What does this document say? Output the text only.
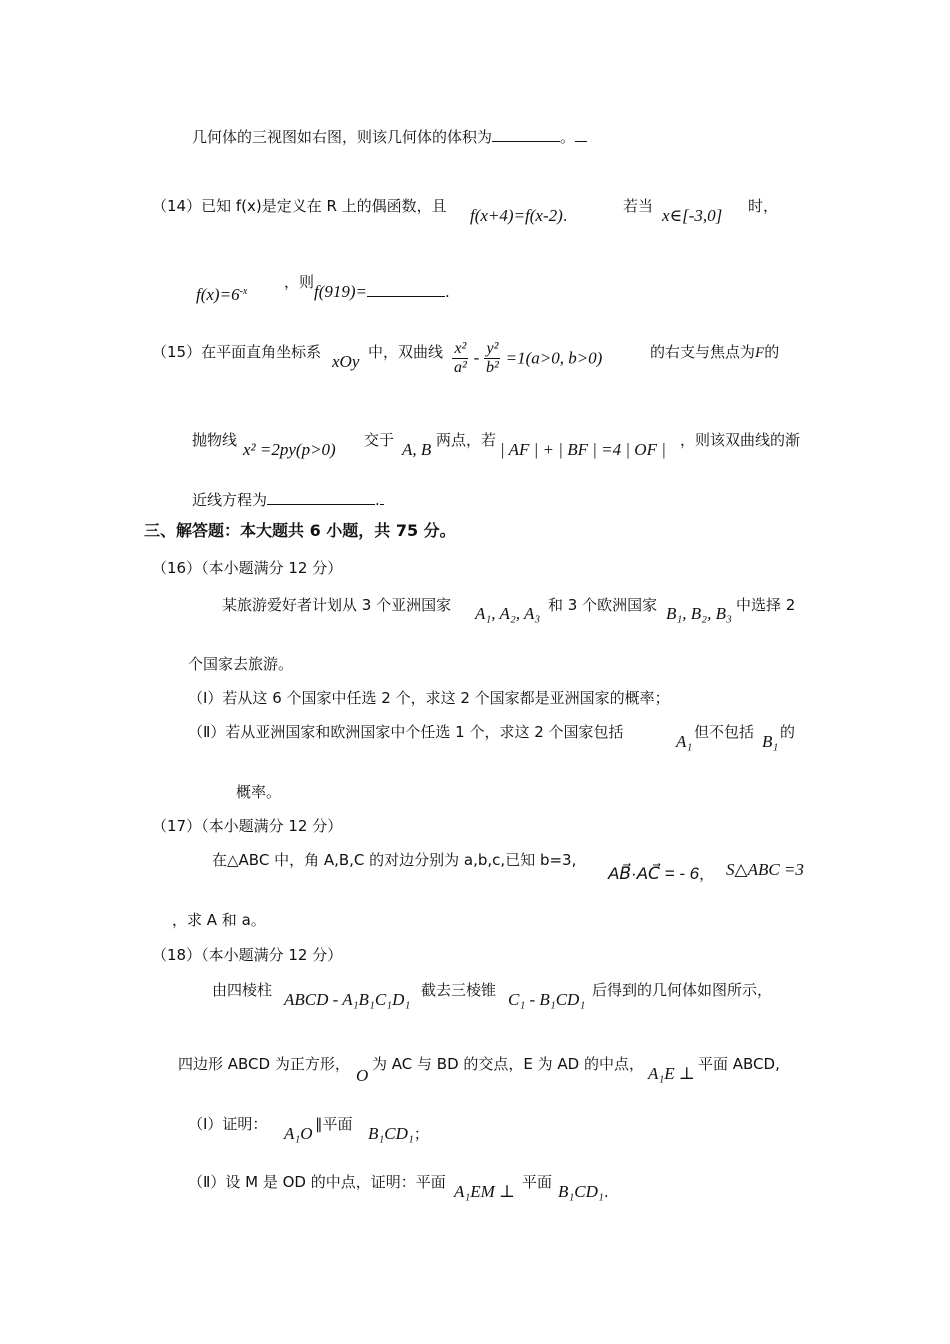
几何体的三视图如右图，则该几何体的体积为	。
（14）已知 f(x)是定义在 R 上的偶函数，且 f(x+4)=f(x-2).
若当 x∈[-3,0] 时，
$f(x)=6^{-x}$
，则 f(919)=	.
（15）在平面直角坐标系 xOy 中，双曲线 $\frac{\text{x²}}{\text{a²}} - \frac{\text{y²}}{\text{b²}} =1(a>0$, b>0)	的右支与焦点为F的
抛物线 x² =2py(p>0) 交于 A, B 两点，若 | AF | + | BF | =4 | OF | ，则该双曲线的渐
近线方程为	.
三、解答题：本大题共 6 小题，共 75 分。
（16）（本小题满分 12 分）
某旅游爱好者计划从 3 个亚洲国家 A₁, A₂, A₃ 和 3 个欧洲国家 B₁, B₂, B₃ 中选择 2
个国家去旅游。
（Ⅰ）若从这 6 个国家中任选 2 个，求这 2 个国家都是亚洲国家的概率；
（Ⅱ）若从亚洲国家和欧洲国家中个任选 1 个，求这 2 个国家包括	A₁ 但不包括 B₁ 的
概率。
（17）（本小题满分 12 分）
在△ABC 中，角 A,B,C 的对边分别为 a,b,c,已知 b=3,
AB⃗·AC⃗ = - 6， S△ABC =3
，求 A 和 a。
（18）（本小题满分 12 分）
由四棱柱 ABCD - A₁B₁C₁D₁ 截去三棱锥 C₁ - B₁CD₁ 后得到的几何体如图所示，
四边形 ABCD 为正方形，
O
为 AC 与 BD 的交点，E 为 AD 的中点， A₁E ⊥ 平面 ABCD,
（Ⅰ）证明： A₁O ∥平面 B₁CD₁；
（Ⅱ）设 M 是 OD 的中点，证明：平面 A₁EM ⊥ 平面 B₁CD₁.
